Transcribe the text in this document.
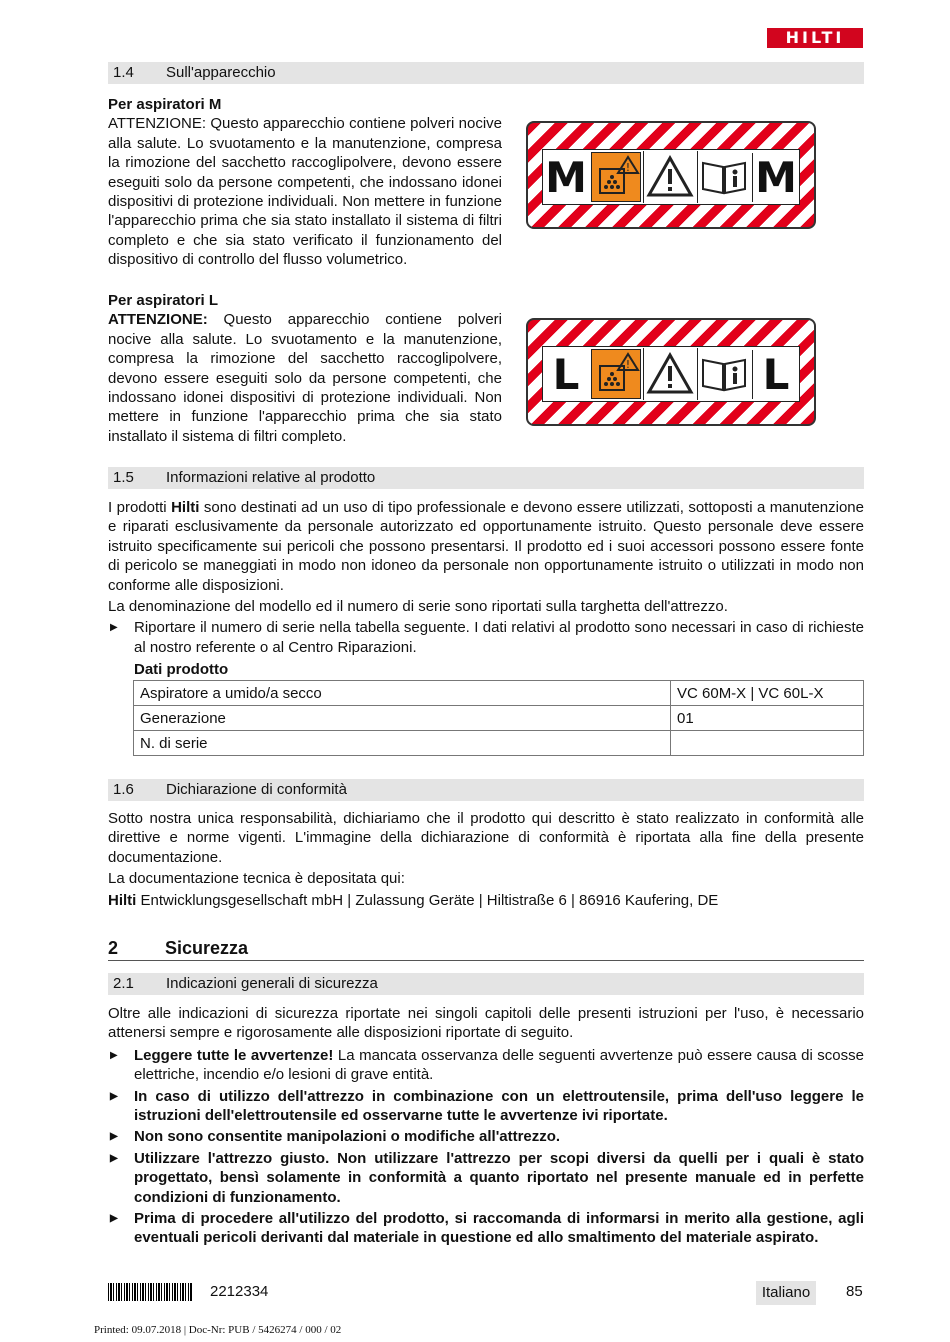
HILTI
1.4 Sull'apparecchio

Per aspiratori M

ATTENZIONE: Questo apparecchio contiene polveri nocive alla salute. Lo svuotamento e la manutenzione, compresa la rimozione del sacchetto raccoglipolvere, devono essere eseguiti solo da persone competenti, che indossano idonei dispositivi di protezione individuali. Non mettere in funzione l'apparecchio prima che sia stato installato il sistema di filtri completo e che sia stato verificato il funzionamento del dispositivo di controllo del flusso volumetrico.

Per aspiratori L

ATTENZIONE: Questo apparecchio contiene polveri nocive alla salute. Lo svuotamento e la manutenzione, compresa la rimozione del sacchetto raccoglipolvere, devono essere eseguiti solo da persone competenti, che indossano idonei dispositivi di protezione individuali. Non mettere in funzione l'apparecchio prima che sia stato installato il sistema di filtri completo.

M	!	M
L	!	L
1.5 Informazioni relative al prodotto

I prodotti Hilti sono destinati ad un uso di tipo professionale e devono essere utilizzati, sottoposti a manutenzione e riparati esclusivamente da personale autorizzato ed opportunamente istruito. Questo personale deve essere istruito specificamente sui pericoli che possono presentarsi. Il prodotto ed i suoi accessori possono essere fonte di pericolo se maneggiati in modo non idoneo da personale non opportunamente istruito o utilizzati in modo non conforme alle disposizioni.

La denominazione del modello ed il numero di serie sono riportati sulla targhetta dell'attrezzo.

▶ Riportare il numero di serie nella tabella seguente. I dati relativi al prodotto sono necessari in caso di richieste al nostro referente o al Centro Riparazioni.

Dati prodotto

Aspiratore a umido/a secco	VC 60M-X | VC 60L-X
Generazione	01
N. di serie	
1.6 Dichiarazione di conformità

Sotto nostra unica responsabilità, dichiariamo che il prodotto qui descritto è stato realizzato in conformità alle direttive e norme vigenti. L'immagine della dichiarazione di conformità è riportata alla fine della presente documentazione.

La documentazione tecnica è depositata qui:

Hilti Entwicklungsgesellschaft mbH | Zulassung Geräte | Hiltistraße 6 | 86916 Kaufering, DE

2	Sicurezza
2.1 Indicazioni generali di sicurezza

Oltre alle indicazioni di sicurezza riportate nei singoli capitoli delle presenti istruzioni per l'uso, è necessario attenersi sempre e rigorosamente alle disposizioni riportate di seguito.

▶ Leggere tutte le avvertenze! La mancata osservanza delle seguenti avvertenze può essere causa di scosse elettriche, incendio e/o lesioni di grave entità.
▶ In caso di utilizzo dell'attrezzo in combinazione con un elettroutensile, prima dell'uso leggere le istruzioni dell'elettroutensile ed osservarne tutte le avvertenze ivi riportate.
▶ Non sono consentite manipolazioni o modifiche all'attrezzo.
▶ Utilizzare l'attrezzo giusto. Non utilizzare l'attrezzo per scopi diversi da quelli per i quali è stato progettato, bensì solamente in conformità a quanto riportato nel presente manuale ed in perfette condizioni di funzionamento.
▶ Prima di procedere all'utilizzo del prodotto, si raccomanda di informarsi in merito alla gestione, agli eventuali pericoli derivanti dal materiale in questione ed allo smaltimento del materiale aspirato.
2212334	Italiano	85
Printed: 09.07.2018 | Doc-Nr: PUB / 5426274 / 000 / 02
